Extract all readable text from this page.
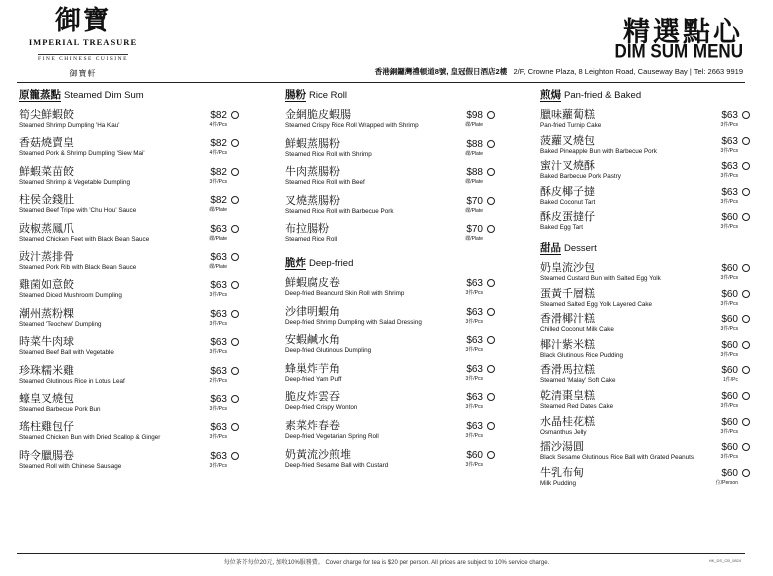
御寶
IMPERIAL TREASURE
FINE CHINESE CUISINE
御寶軒
精選點心
DIM SUM MENU
香港銅鑼灣禮頓道8號, 皇冠假日酒店2樓 2/F, Crowne Plaza, 8 Leighton Road, Causeway Bay | Tel: 2663 9919
原籠蒸點 Steamed Dim Sum
筍尖鮮蝦餃
Steamed Shrimp Dumpling 'Ha Kau'
$82
4件/Pcs
香菇燒賣皇
Steamed Pork & Shrimp Dumpling 'Siew Mai'
$82
4件/Pcs
鮮蝦菜苗餃
Steamed Shrimp & Vegetable Dumpling
$82
3件/Pcs
柱侯金錢肚
Steamed Beef Tripe with 'Chu Hou' Sauce
$82
碟/Plate
豉椒蒸鳳爪
Steamed Chicken Feet with Black Bean Sauce
$63
碟/Plate
豉汁蒸排骨
Steamed Pork Rib with Black Bean Sauce
$63
碟/Plate
雞菌如意餃
Steamed Diced Mushroom Dumpling
$63
3件/Pcs
潮州蒸粉粿
Steamed 'Teochew' Dumpling
$63
3件/Pcs
時菜牛肉球
Steamed Beef Ball with Vegetable
$63
3件/Pcs
珍珠糯米雞
Steamed Glutinous Rice in Lotus Leaf
$63
2件/Pcs
蠔皇叉燒包
Steamed Barbecue Pork Bun
$63
3件/Pcs
瑤柱雞包仔
Steamed Chicken Bun with Dried Scallop & Ginger
$63
3件/Pcs
時令臘腸卷
Steamed Roll with Chinese Sausage
$63
3件/Pcs
腸粉 Rice Roll
金網脆皮蝦腸
Steamed Crispy Rice Roll Wrapped with Shrimp
$98
碟/Plate
鮮蝦蒸腸粉
Steamed Rice Roll with Shrimp
$88
碟/Plate
牛肉蒸腸粉
Steamed Rice Roll with Beef
$88
碟/Plate
叉燒蒸腸粉
Steamed Rice Roll with Barbecue Pork
$70
碟/Plate
布拉腸粉
Steamed Rice Roll
$70
碟/Plate
脆炸 Deep-fried
鮮蝦腐皮卷
Deep-fried Beancurd Skin Roll with Shrimp
$63
3件/Pcs
沙律明蝦角
Deep-fried Shrimp Dumpling with Salad Dressing
$63
3件/Pcs
安蝦鹹水角
Deep-fried Glutinous Dumpling
$63
3件/Pcs
蜂巢炸芋角
Deep-fried Yam Puff
$63
3件/Pcs
脆皮炸雲吞
Deep-fried Crispy Wonton
$63
3件/Pcs
素菜炸春卷
Deep-fried Vegetarian Spring Roll
$63
3件/Pcs
奶黃流沙煎堆
Deep-fried Sesame Ball with Custard
$60
3件/Pcs
煎焗 Pan-fried & Baked
臘味蘿蔔糕
Pan-fried Turnip Cake
$63
3件/Pcs
菠蘿叉燒包
Baked Pineapple Bun with Barbecue Pork
$63
3件/Pcs
蜜汁叉燒酥
Baked Barbecue Pork Pastry
$63
3件/Pcs
酥皮椰子撻
Baked Coconut Tart
$63
3件/Pcs
酥皮蛋撻仔
Baked Egg Tart
$60
3件/Pcs
甜品 Dessert
奶皇流沙包
Steamed Custard Bun with Salted Egg Yolk
$60
3件/Pcs
蛋黃千層糕
Steamed Salted Egg Yolk Layered Cake
$60
3件/Pcs
香滑椰汁糕
Chilled Coconut Milk Cake
$60
3件/Pcs
椰汁紫米糕
Black Glutinous Rice Pudding
$60
3件/Pcs
香滑馬拉糕
Steamed 'Malay' Soft Cake
$60
1件/Pc
乾清棗皇糕
Steamed Red Dates Cake
$60
3件/Pcs
水晶桂花糕
Osmanthus Jelly
$60
3件/Pcs
擂沙湯圓
Black Sesame Glutinous Rice Ball with Grated Peanuts
$60
3件/Pcs
牛乳布甸
Milk Pudding
$60
位/Person
每位茶芥每位20元, 加收10%服務費。 Cover charge for tea is $20 per person. All prices are subject to 10% service charge.	HK_DS_CB_0824
